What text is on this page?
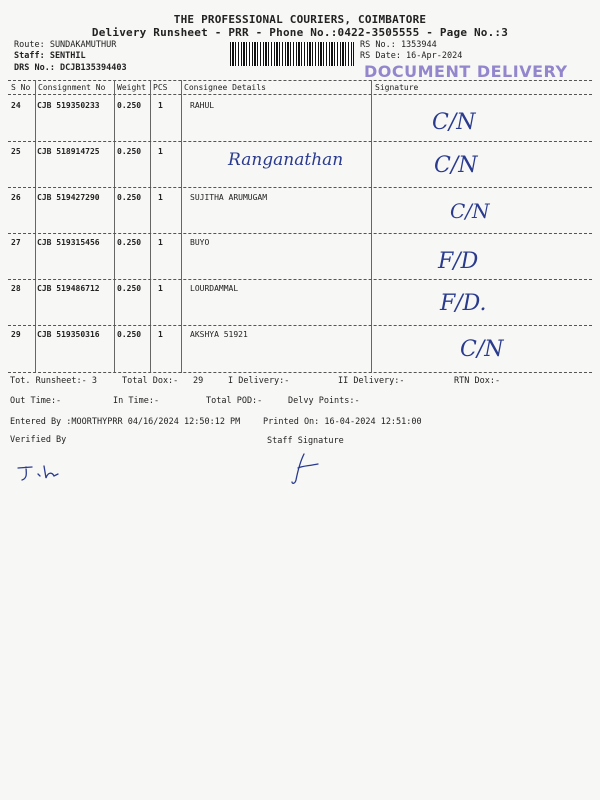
THE PROFESSIONAL COURIERS, COIMBATORE
Delivery Runsheet - PRR - Phone No.:0422-3505555 - Page No.:3
Route: SUNDAKAMUTHUR
Staff: SENTHIL
DRS No.: DCJB135394403
RS No.: 1353944
RS Date: 16-Apr-2024
DOCUMENT DELIVERY
S No Consignment No Weight PCS Consignee Details	Signature
24 CJB 519350233 0.250 1	RAHUL
C/N
25 CJB 518914725 0.250 1	Ranganathan	C/N
26 CJB 519427290 0.250 1	SUJITHA ARUMUGAM
C/N
27 CJB 519315456 0.250 1	BUYO
F/D
28 CJB 519486712 0.250 1	LOURDAMMAL
F/D.
29 CJB 519350316 0.250 1	AKSHYA 51921
C/N
Tot. Runsheet:- 3	Total Dox:- 29	I Delivery:-	II Delivery:-	RTN Dox:-
Out Time:-	In Time:-	Total POD:-	Delvy Points:-
Entered By :MOORTHYPRR 04/16/2024 12:50:12 PM	Printed On: 16-04-2024 12:51:00
Verified By	Staff Signature
